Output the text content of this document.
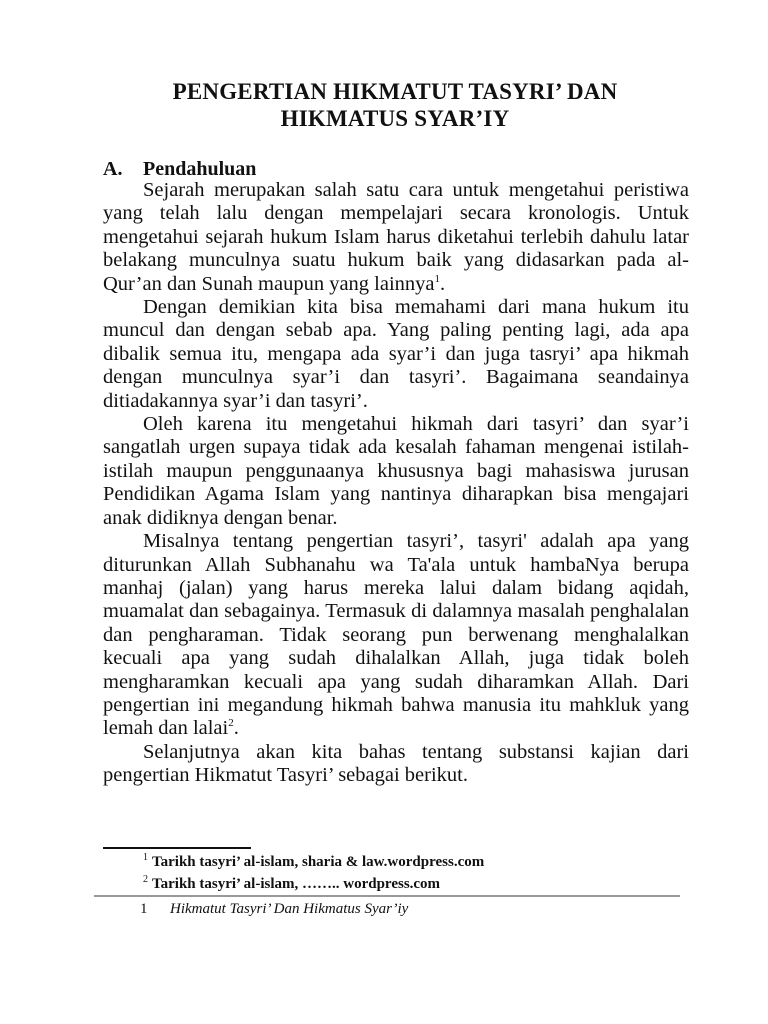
PENGERTIAN HIKMATUT TASYRI’ DAN
HIKMATUS SYAR’IY
A. Pendahuluan

Sejarah merupakan salah satu cara untuk mengetahui peristiwa yang telah lalu dengan mempelajari secara kronologis. Untuk mengetahui sejarah hukum Islam harus diketahui terlebih dahulu latar belakang munculnya suatu hukum baik yang didasarkan pada al-Qur’an dan Sunah maupun yang lainnya$^1$.

Dengan demikian kita bisa memahami dari mana hukum itu muncul dan dengan sebab apa. Yang paling penting lagi, ada apa dibalik semua itu, mengapa ada syar’i dan juga tasryi’ apa hikmah dengan munculnya syar’i dan tasyri’. Bagaimana seandainya ditiadakannya syar’i dan tasyri’.

Oleh karena itu mengetahui hikmah dari tasyri’ dan syar’i sangatlah urgen supaya tidak ada kesalah fahaman mengenai istilah-istilah maupun penggunaanya khususnya bagi mahasiswa jurusan Pendidikan Agama Islam yang nantinya diharapkan bisa mengajari anak didiknya dengan benar.

Misalnya tentang pengertian tasyri’, tasyri' adalah apa yang diturunkan Allah Subhanahu wa Ta'ala untuk hambaNya berupa manhaj (jalan) yang harus mereka lalui dalam bidang aqidah, muamalat dan sebagainya. Termasuk di dalamnya masalah penghalalan dan pengharaman. Tidak seorang pun berwenang menghalalkan kecuali apa yang sudah dihalalkan Allah, juga tidak boleh mengharamkan kecuali apa yang sudah diharamkan Allah. Dari pengertian ini megandung hikmah bahwa manusia itu mahkluk yang lemah dan lalai$^2$.

Selanjutnya akan kita bahas tentang substansi kajian dari pengertian Hikmatut Tasyri’ sebagai berikut.

$^1$ Tarikh tasyri’ al-islam, sharia & law.wordpress.com
$^2$ Tarikh tasyri’ al-islam, …….. wordpress.com
1 Hikmatut Tasyri’ Dan Hikmatus Syar’iy
